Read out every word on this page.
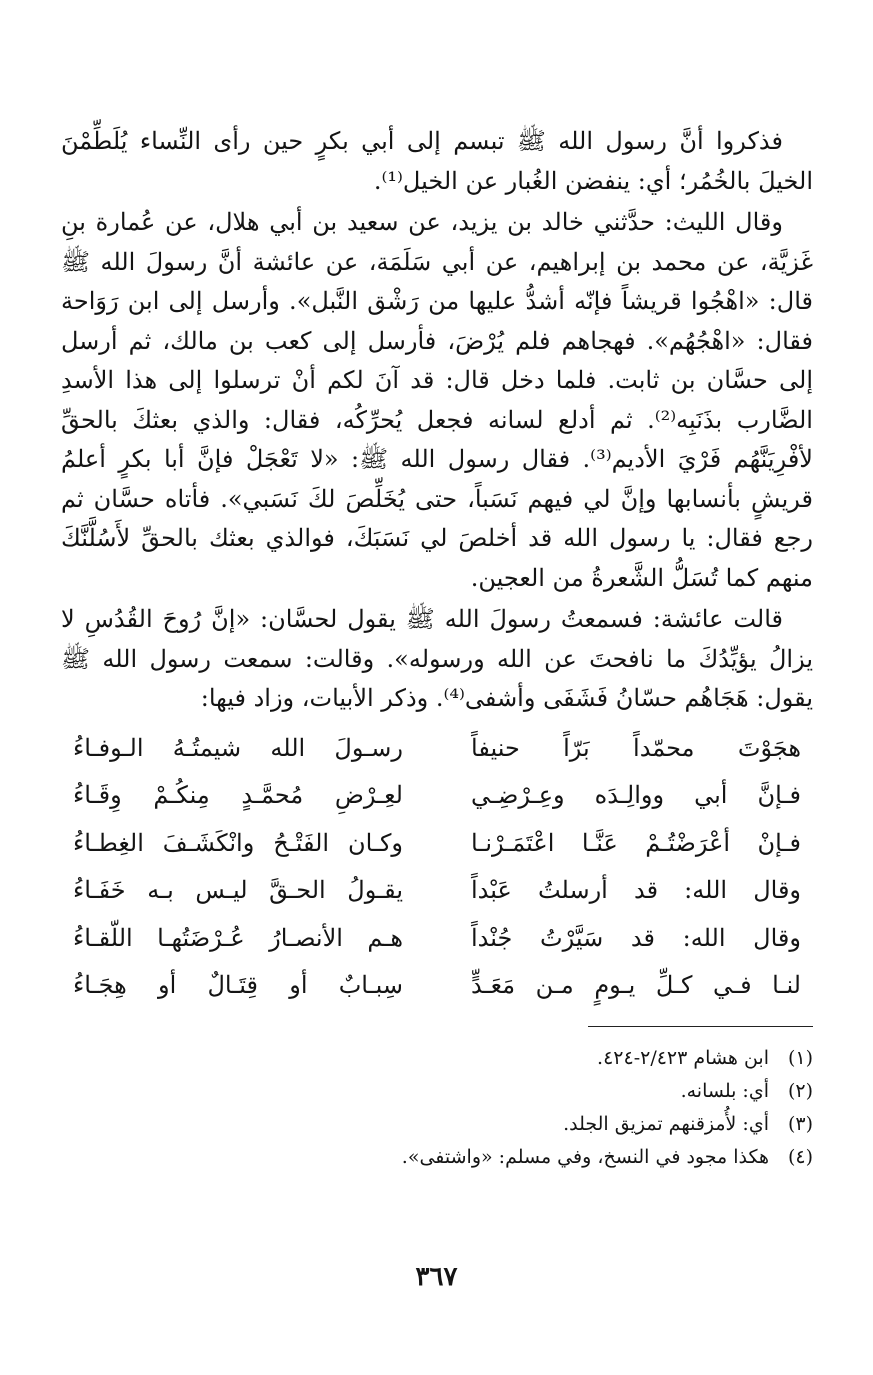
فذكروا أنَّ رسول الله ﷺ تبسم إلى أبي بكرٍ حين رأى النِّساء يُلَطِّمْنَ الخيلَ بالخُمُر؛ أي: ينفضن الغُبار عن الخيل⁽¹⁾.

وقال الليث: حدَّثني خالد بن يزيد، عن سعيد بن أبي هلال، عن عُمارة بنِ غَزيَّة، عن محمد بن إبراهيم، عن أبي سَلَمَة، عن عائشة أنَّ رسولَ الله ﷺ قال: «اهْجُوا قريشاً فإنّه أشدُّ عليها من رَشْق النَّبل». وأرسل إلى ابن رَوَاحة فقال: «اهْجُهُم». فهجاهم فلم يُرْضَ، فأرسل إلى كعب بن مالك، ثم أرسل إلى حسَّان بن ثابت. فلما دخل قال: قد آنَ لكم أنْ ترسلوا إلى هذا الأسدِ الضَّارب بذَنَبِه⁽²⁾. ثم أدلع لسانه فجعل يُحرِّكُه، فقال: والذي بعثكَ بالحقِّ لأفْرِيَنَّهُم فَرْيَ الأديم⁽³⁾. فقال رسول الله ﷺ: «لا تَعْجَلْ فإنَّ أبا بكرٍ أعلمُ قريشٍ بأنسابها وإنَّ لي فيهم نَسَباً، حتى يُخَلِّصَ لكَ نَسَبي». فأتاه حسَّان ثم رجع فقال: يا رسول الله قد أخلصَ لي نَسَبَكَ، فوالذي بعثك بالحقِّ لأَسُلَّنَّكَ منهم كما تُسَلُّ الشَّعرةُ من العجين.

قالت عائشة: فسمعتُ رسولَ الله ﷺ يقول لحسَّان: «إنَّ رُوحَ القُدُسِ لا يزالُ يؤيِّدُكَ ما نافحتَ عن الله ورسوله». وقالت: سمعت رسول الله ﷺ يقول: هَجَاهُم حسّانُ فَشَفَى وأشفى⁽⁴⁾. وذكر الأبيات، وزاد فيها:

هجَوْتَ محمّداً بَرّاً حنيفاً
رسـولَ الله شيمتُـهُ الـوفـاءُ
فـإنَّ أبي ووالِـدَه وعِـرْضِـي
لعِـرْضِ مُحمَّـدٍ مِنكُـمْ وِقَـاءُ
فـإنْ أعْرَضْتُـمْ عَنَّـا اعْتَمَـرْنـا
وكـان الفَتْـحُ وانْكَشَـفَ الغِطـاءُ
وقال الله: قد أرسلتُ عَبْداً
يقـولُ الحـقَّ ليـس بـه خَفَـاءُ
وقال الله: قد سَيَّرْتُ جُنْداً
هـم الأنصـارُ عُـرْضَتُهـا اللّقـاءُ
لنـا فـي كـلِّ يـومٍ مـن مَعَـدٍّ
سِبـابٌ أو قِتَـالٌ أو هِجَـاءُ
(١)
ابن هشام ٢/٤٢٣-٤٢٤.
(٢)
أي: بلسانه.
(٣)
أي: لأُمزقنهم تمزيق الجلد.
(٤)
هكذا مجود في النسخ، وفي مسلم: «واشتفى».
٣٦٧
